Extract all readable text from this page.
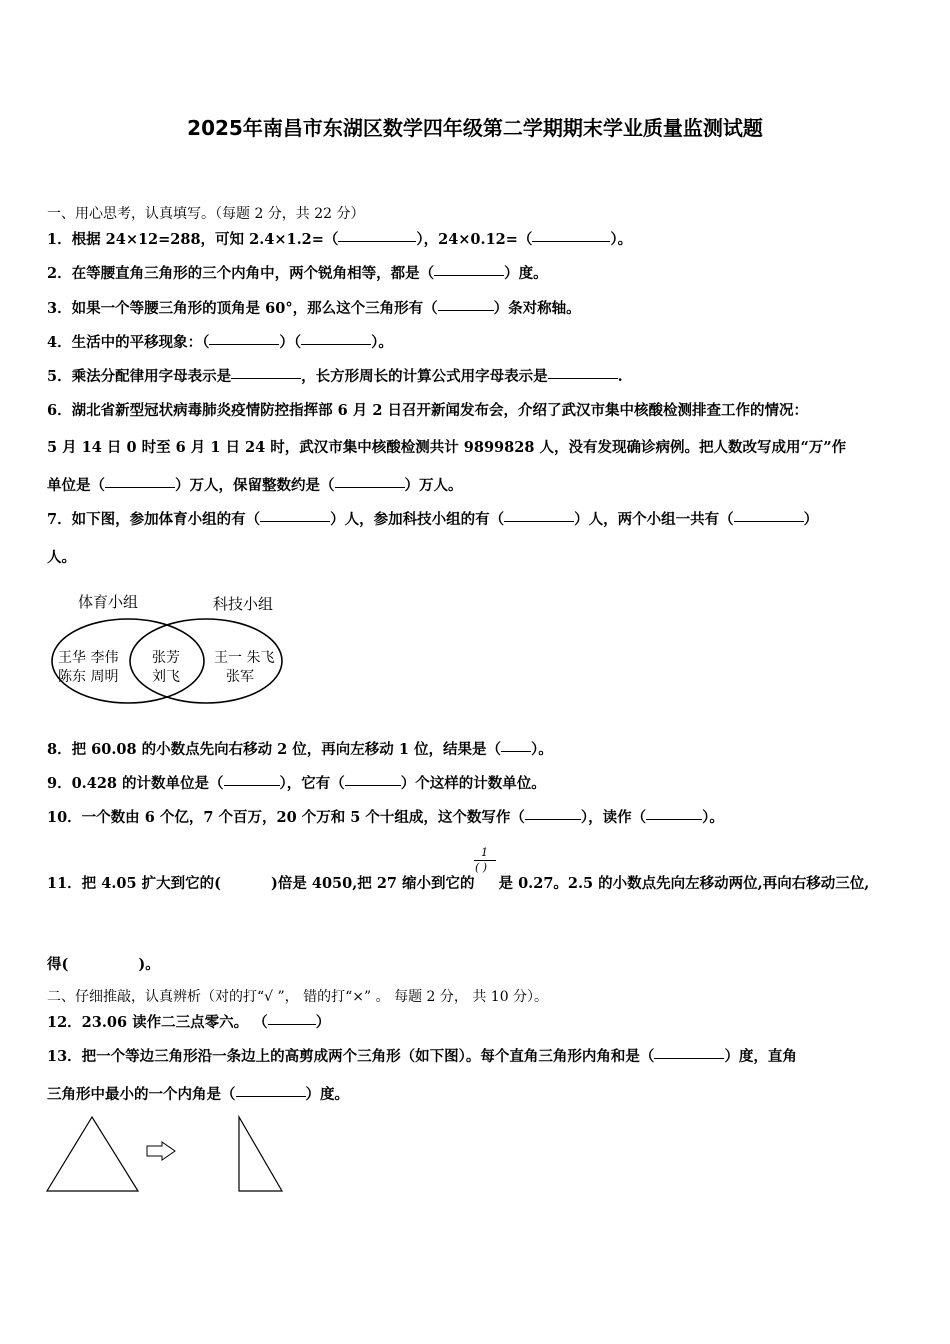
2025年南昌市东湖区数学四年级第二学期期末学业质量监测试题
一、用心思考，认真填写。（每题 2 分，共 22 分）
1．根据 24×12=288，可知 2.4×1.2=（	），24×0.12=（	）。
2．在等腰直角三角形的三个内角中，两个锐角相等，都是（	）度。
3．如果一个等腰三角形的顶角是 60°，那么这个三角形有（	）条对称轴。
4．生活中的平移现象：（	）（	）。
5．乘法分配律用字母表示是	，长方形周长的计算公式用字母表示是	.
6．湖北省新型冠状病毒肺炎疫情防控指挥部 6 月 2 日召开新闻发布会，介绍了武汉市集中核酸检测排查工作的情况：
5 月 14 日 0 时至 6 月 1 日 24 时，武汉市集中核酸检测共计 9899828 人，没有发现确诊病例。把人数改写成用“万”作
单位是（	）万人，保留整数约是（	）万人。
7．如下图，参加体育小组的有（	）人，参加科技小组的有（	）人，两个小组一共有（	）
人。
体育小组	科技小组
王华 李伟
陈东 周明
张芳
刘飞
王一 朱飞
张军
8．把 60.08 的小数点先向右移动 2 位，再向左移动 1 位，结果是（ ）。
9．0.428 的计数单位是（	），它有（	）个这样的计数单位。
10．一个数由 6 个亿，7 个百万，20 个万和 5 个十组成，这个数写作（	），读作（	）。
1
( )
11．把 4.05 扩大到它的(	)倍是 4050,把 27 缩小到它的 是 0.27。2.5 的小数点先向左移动两位,再向右移动三位,
得(	)。
二、仔细推敲，认真辨析（对的打“√ ”， 错的打“×” 。 每题 2 分， 共 10 分）。
12．23.06 读作二三点零六。 （	）
13．把一个等边三角形沿一条边上的高剪成两个三角形（如下图）。每个直角三角形内角和是（	）度，直角
三角形中最小的一个内角是（	）度。
